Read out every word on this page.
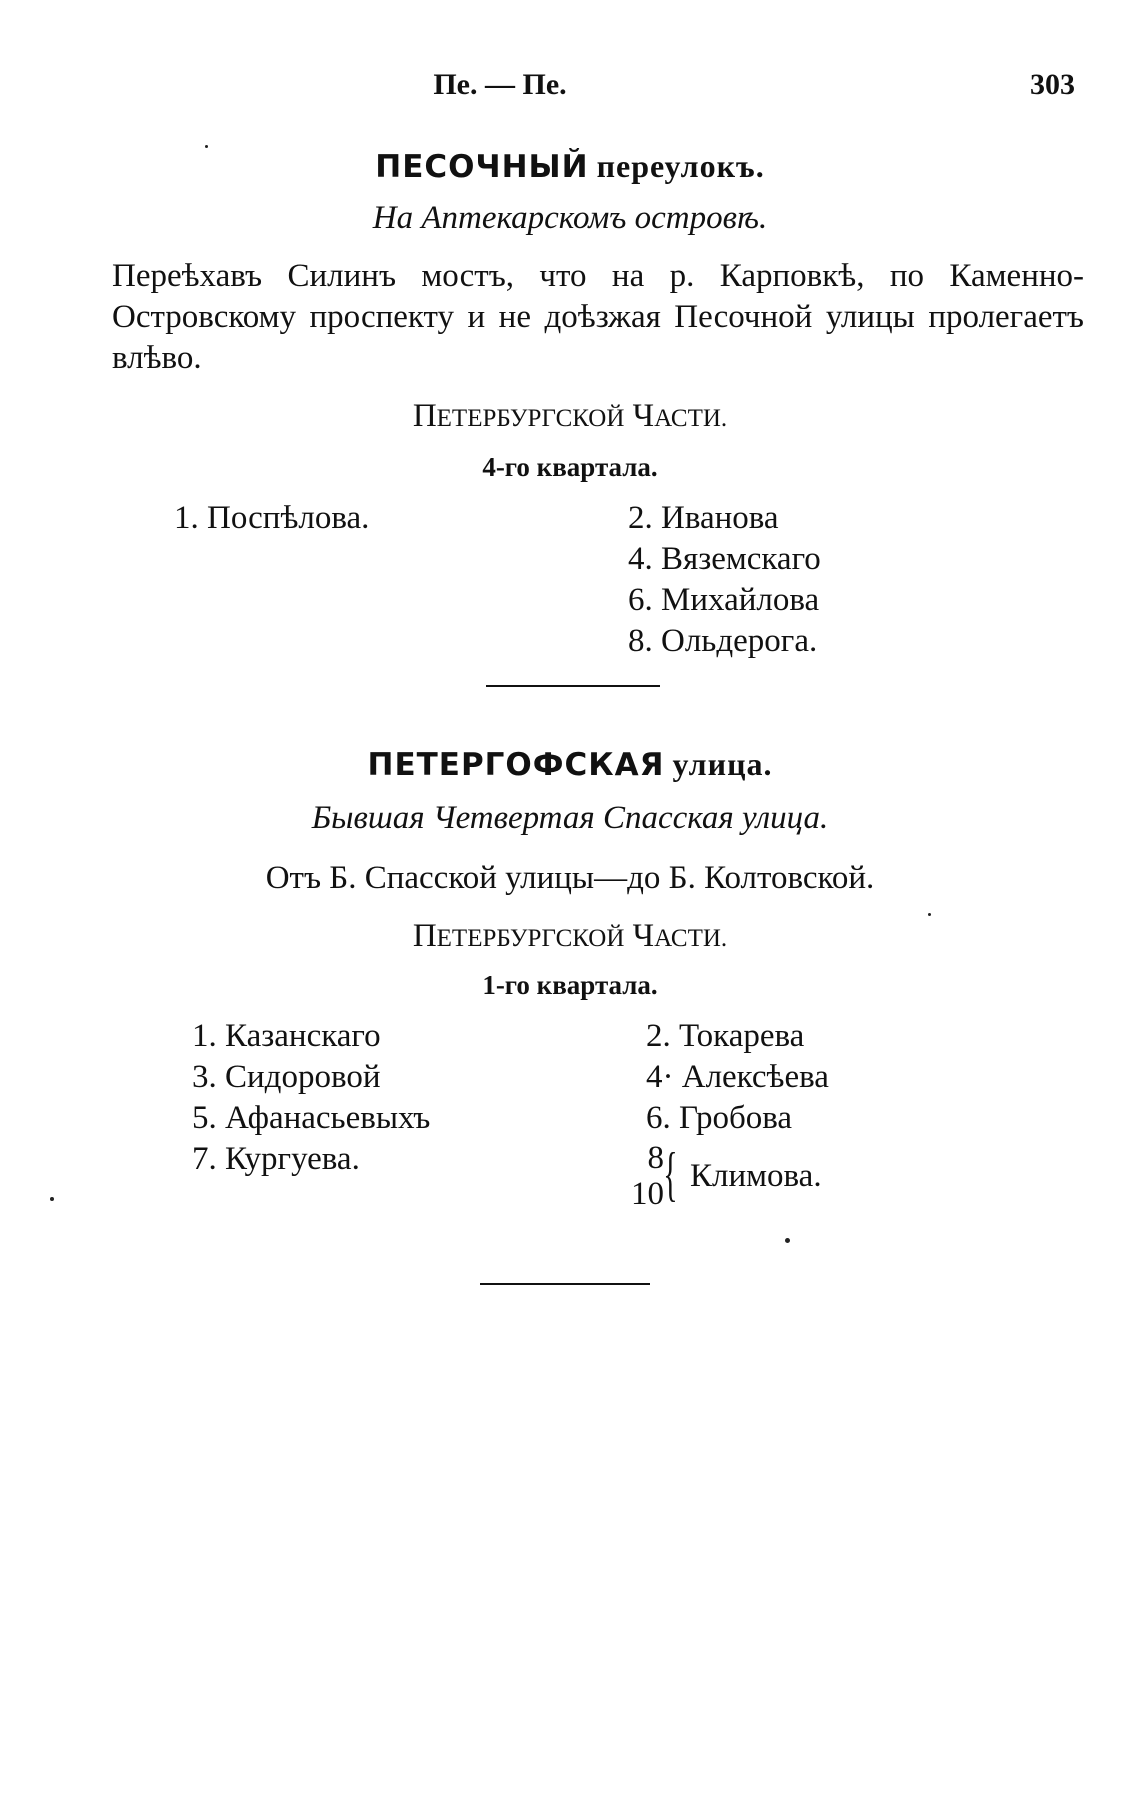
Пе. — Пе.	303
ПЕСОЧНЫЙ переулокъ.
На Аптекарскомъ островѣ.
Переѣхавъ Силинъ мостъ, что на р. Карповкѣ, по Каменно-Островскому проспекту и не доѣзжая Песочной улицы пролегаетъ влѣво.
ПЕТЕРБУРГСКОЙ ЧАСТИ.
4-го квартала.
1. Поспѣлова.	2. Иванова
4. Вяземскаго
6. Михайлова
8. Ольдерога.
ПЕТЕРГОФСКАЯ улица.
Бывшая Четвертая Спасская улица.
Отъ Б. Спасской улицы—до Б. Колтовской.
ПЕТЕРБУРГСКОЙ ЧАСТИ.
1-го квартала.
1. Казанскаго
3. Сидоровой
5. Афанасьевыхъ
7. Кургуева.
2. Токарева
4· Алексѣева
6. Гробова
8
10 { Климова.
